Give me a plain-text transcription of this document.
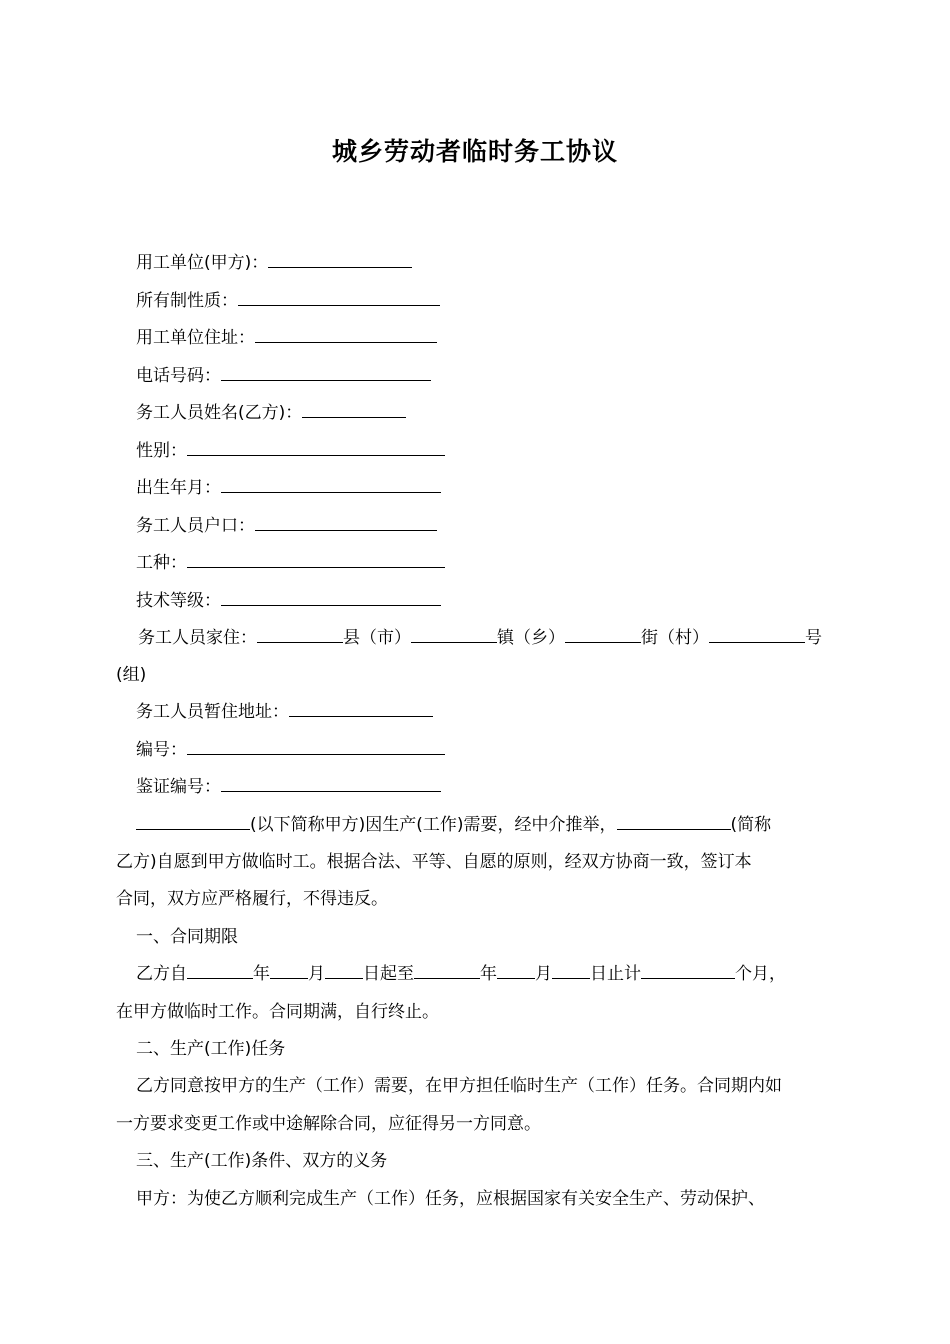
城乡劳动者临时务工协议
用工单位(甲方)：
所有制性质：
用工单位住址：
电话号码：
务工人员姓名(乙方)：
性别：
出生年月：
务工人员户口：
工种：
技术等级：
务工人员家住：	县（市）	镇（乡）	街（村）	号
(组)
务工人员暂住地址：
编号：
鉴证编号：
(以下简称甲方)因生产(工作)需要，经中介推举，	(简称
乙方)自愿到甲方做临时工。根据合法、平等、自愿的原则，经双方协商一致，签订本
合同，双方应严格履行，不得违反。
一、合同期限
乙方自	年 月 日起至	年 月 日止计	个月，
在甲方做临时工作。合同期满，自行终止。
二、生产(工作)任务
乙方同意按甲方的生产（工作）需要，在甲方担任临时生产（工作）任务。合同期内如
一方要求变更工作或中途解除合同，应征得另一方同意。
三、生产(工作)条件、双方的义务
甲方：为使乙方顺利完成生产（工作）任务，应根据国家有关安全生产、劳动保护、
